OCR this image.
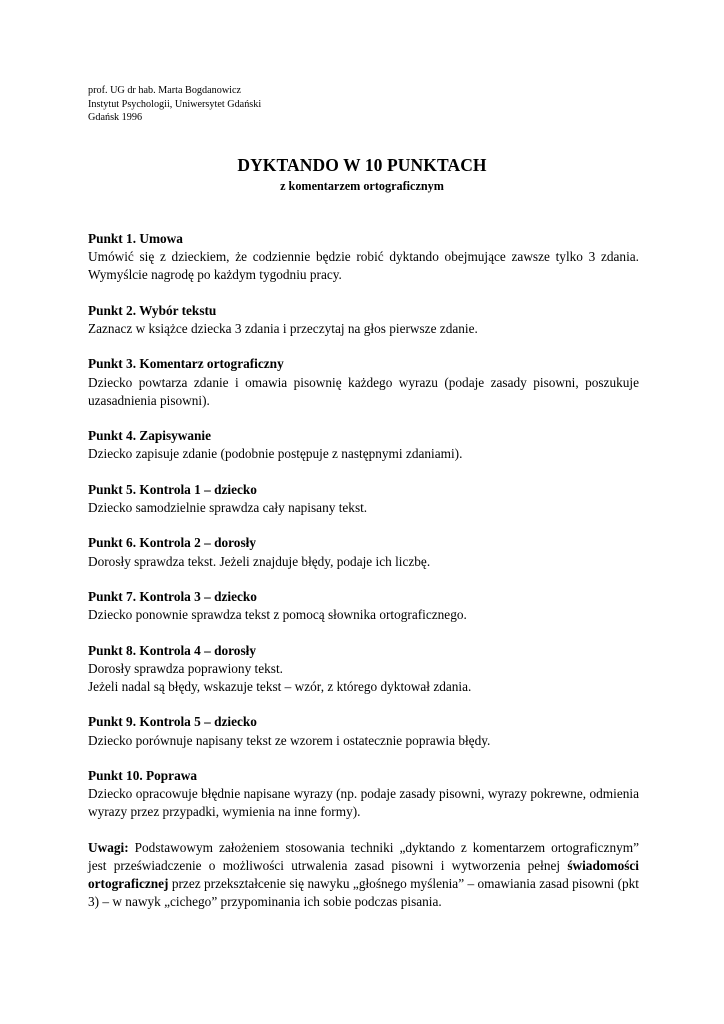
prof. UG dr hab. Marta Bogdanowicz
Instytut Psychologii, Uniwersytet Gdański
Gdańsk 1996
DYKTANDO W 10 PUNKTACH
z komentarzem ortograficznym
Punkt 1. Umowa

Umówić się z dzieckiem, że codziennie będzie robić dyktando obejmujące zawsze tylko 3 zdania. Wymyślcie nagrodę po każdym tygodniu pracy.

Punkt 2. Wybór tekstu

Zaznacz w książce dziecka 3 zdania i przeczytaj na głos pierwsze zdanie.

Punkt 3. Komentarz ortograficzny

Dziecko powtarza zdanie i omawia pisownię każdego wyrazu (podaje zasady pisowni, poszukuje uzasadnienia pisowni).

Punkt 4. Zapisywanie

Dziecko zapisuje zdanie (podobnie postępuje z następnymi zdaniami).

Punkt 5. Kontrola 1 – dziecko

Dziecko samodzielnie sprawdza cały napisany tekst.

Punkt 6. Kontrola 2 – dorosły

Dorosły sprawdza tekst. Jeżeli znajduje błędy, podaje ich liczbę.

Punkt 7. Kontrola 3 – dziecko

Dziecko ponownie sprawdza tekst z pomocą słownika ortograficznego.

Punkt 8. Kontrola 4 – dorosły

Dorosły sprawdza poprawiony tekst.

Jeżeli nadal są błędy, wskazuje tekst – wzór, z którego dyktował zdania.

Punkt 9. Kontrola 5 – dziecko

Dziecko porównuje napisany tekst ze wzorem i ostatecznie poprawia błędy.

Punkt 10. Poprawa

Dziecko opracowuje błędnie napisane wyrazy (np. podaje zasady pisowni, wyrazy pokrewne, odmienia wyrazy przez przypadki, wymienia na inne formy).

Uwagi: Podstawowym założeniem stosowania techniki „dyktando z komentarzem ortograficznym” jest przeświadczenie o możliwości utrwalenia zasad pisowni i wytworzenia pełnej świadomości ortograficznej przez przekształcenie się nawyku „głośnego myślenia” – omawiania zasad pisowni (pkt 3) – w nawyk „cichego” przypominania ich sobie podczas pisania.
